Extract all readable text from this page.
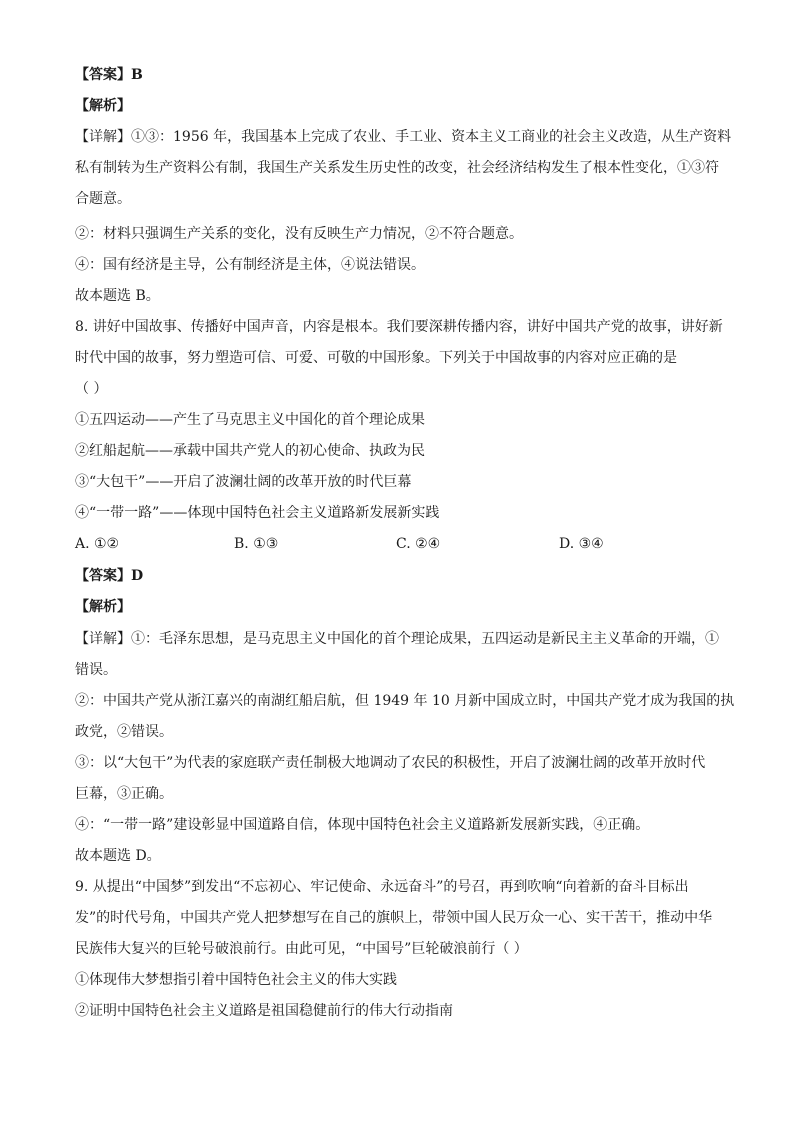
【答案】B
【解析】
【详解】①③：1956 年，我国基本上完成了农业、手工业、资本主义工商业的社会主义改造，从生产资料
私有制转为生产资料公有制，我国生产关系发生历史性的改变，社会经济结构发生了根本性变化，①③符
合题意。
②：材料只强调生产关系的变化，没有反映生产力情况，②不符合题意。
④：国有经济是主导，公有制经济是主体，④说法错误。
故本题选 B。
8. 讲好中国故事、传播好中国声音，内容是根本。我们要深耕传播内容，讲好中国共产党的故事，讲好新
时代中国的故事，努力塑造可信、可爱、可敬的中国形象。下列关于中国故事的内容对应正确的是
（ ）
①五四运动——产生了马克思主义中国化的首个理论成果
②红船起航——承载中国共产党人的初心使命、执政为民
③“大包干”——开启了波澜壮阔的改革开放的时代巨幕
④“一带一路”——体现中国特色社会主义道路新发展新实践
A. ①②	B. ①③	C. ②④	D. ③④
【答案】D
【解析】
【详解】①：毛泽东思想，是马克思主义中国化的首个理论成果，五四运动是新民主主义革命的开端，①
错误。
②：中国共产党从浙江嘉兴的南湖红船启航，但 1949 年 10 月新中国成立时，中国共产党才成为我国的执
政党，②错误。
③：以“大包干”为代表的家庭联产责任制极大地调动了农民的积极性，开启了波澜壮阔的改革开放时代
巨幕，③正确。
④：“一带一路”建设彰显中国道路自信，体现中国特色社会主义道路新发展新实践，④正确。
故本题选 D。
9. 从提出“中国梦”到发出“不忘初心、牢记使命、永远奋斗”的号召，再到吹响“向着新的奋斗目标出
发”的时代号角，中国共产党人把梦想写在自己的旗帜上，带领中国人民万众一心、实干苦干，推动中华
民族伟大复兴的巨轮号破浪前行。由此可见，“中国号”巨轮破浪前行（ ）
①体现伟大梦想指引着中国特色社会主义的伟大实践
②证明中国特色社会主义道路是祖国稳健前行的伟大行动指南
